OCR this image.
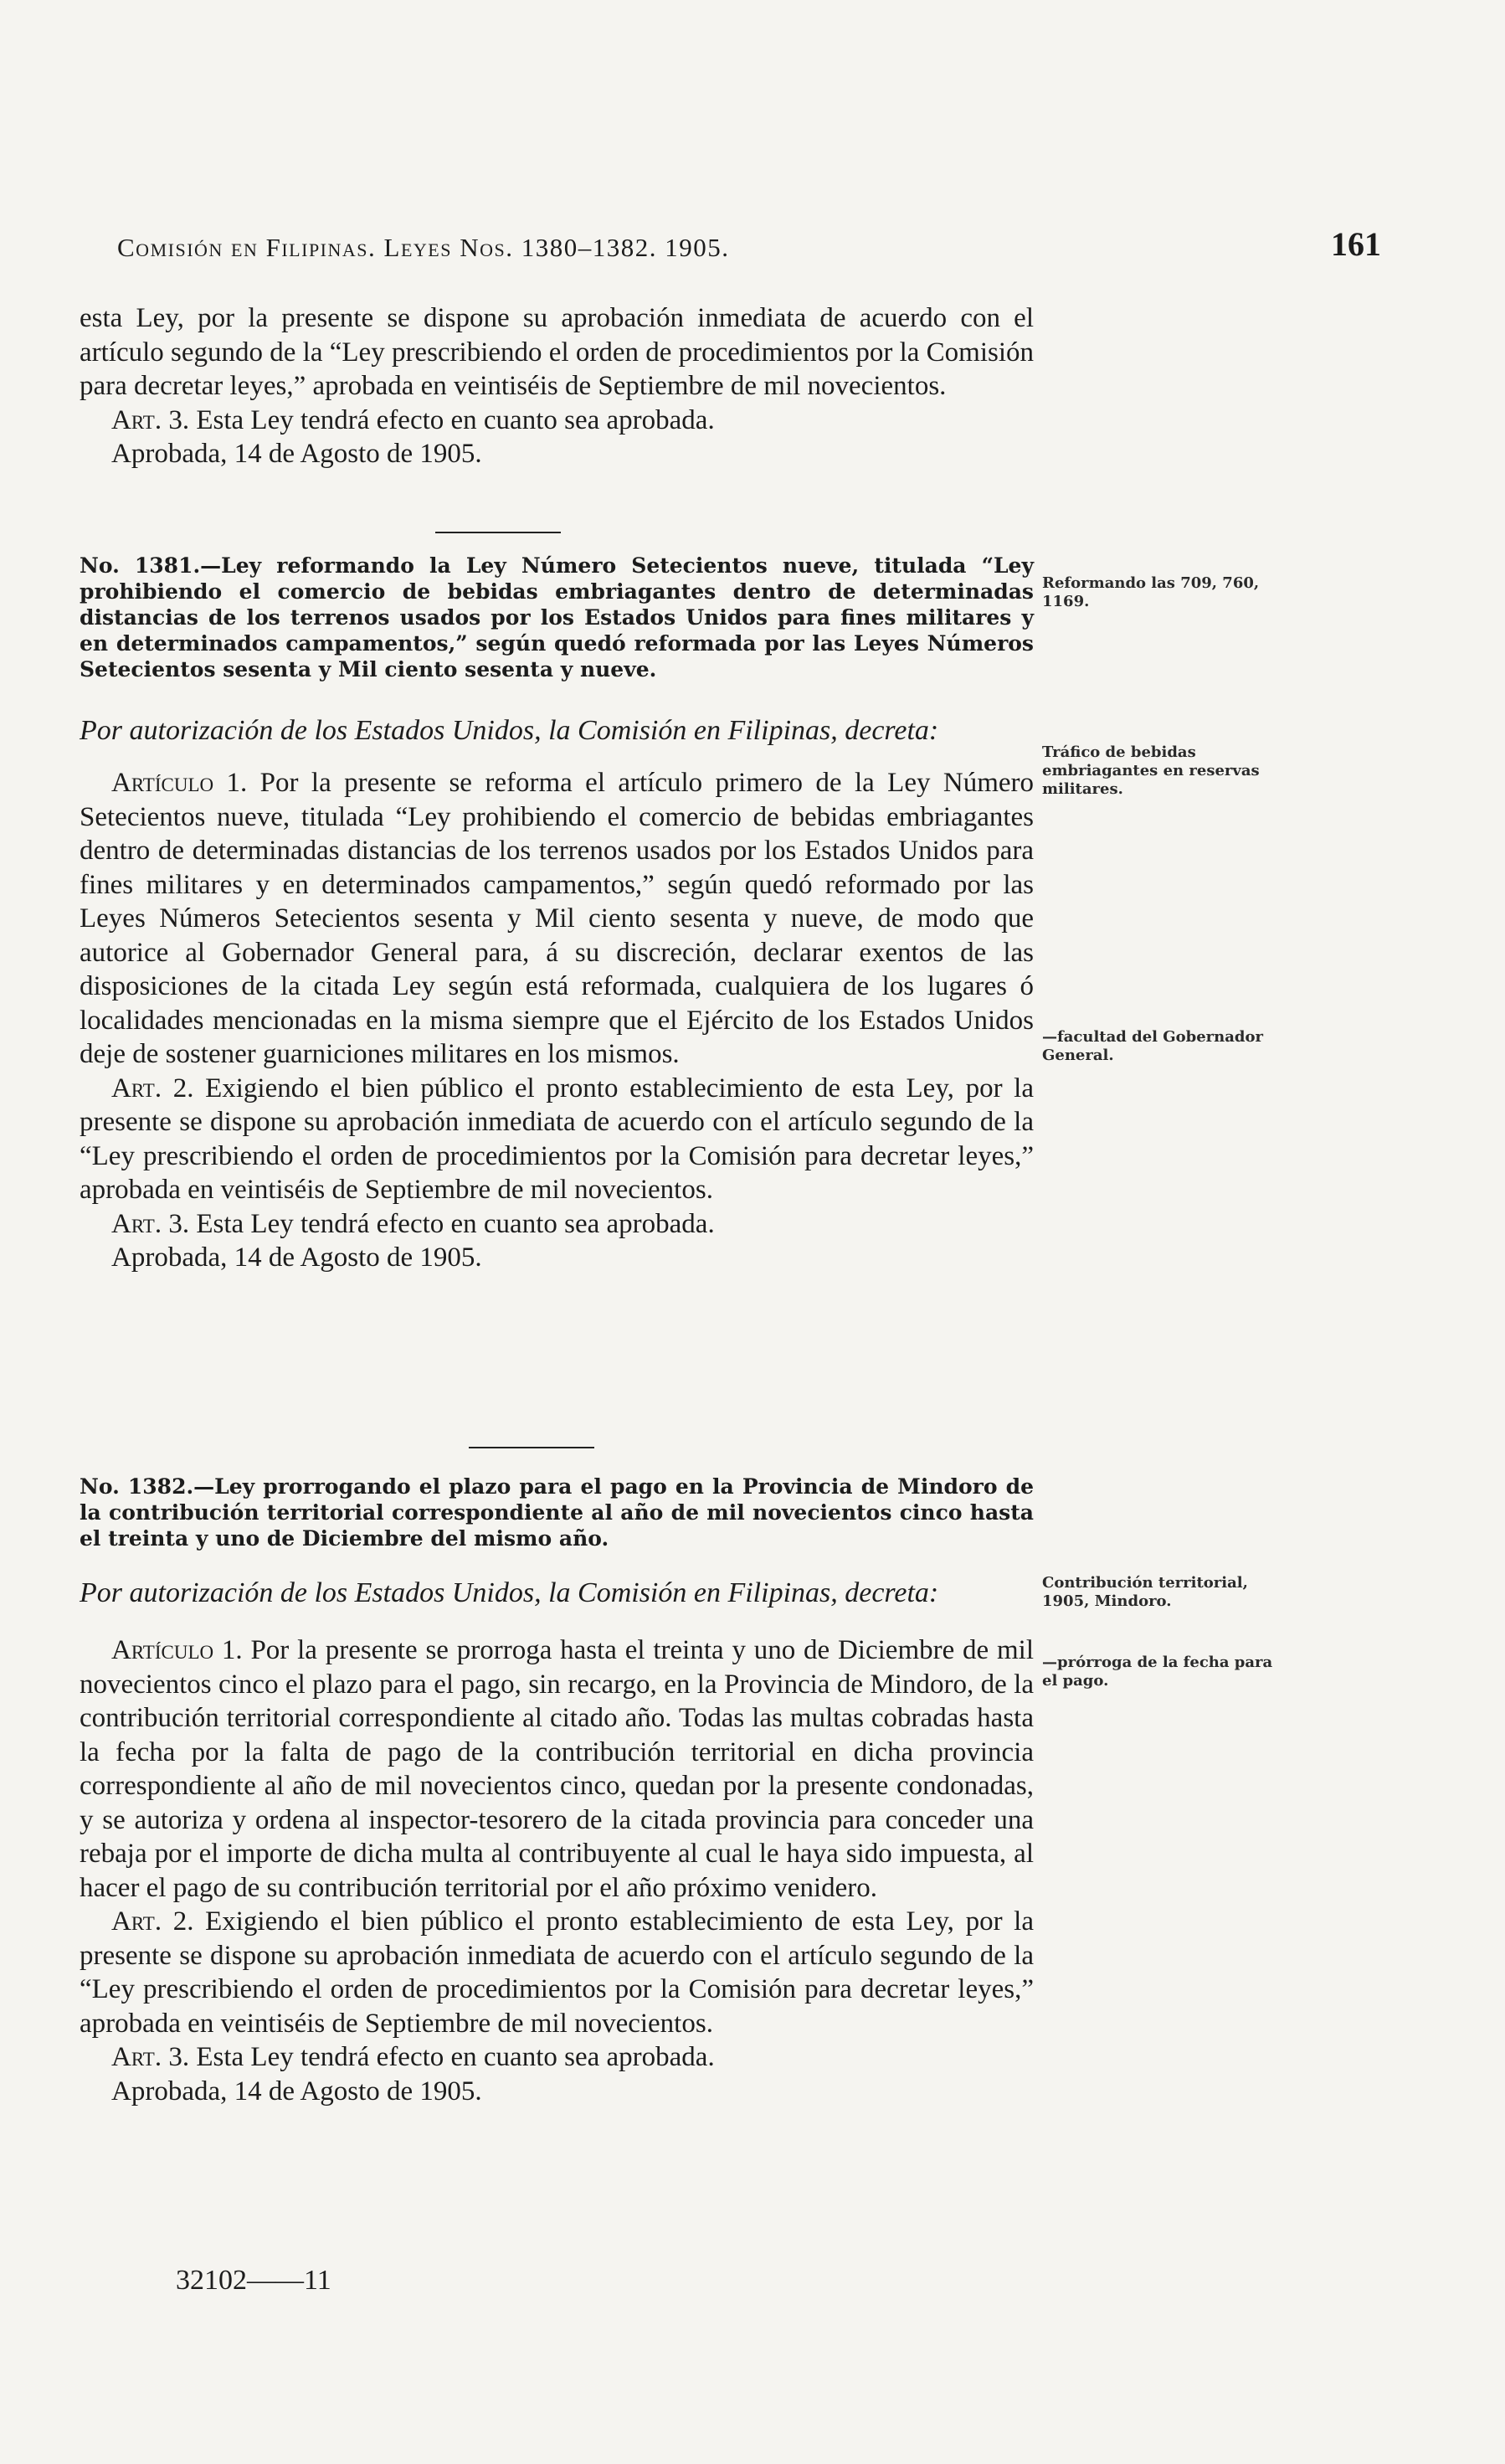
Comisión en Filipinas. Leyes Nos. 1380–1382. 1905.	161

esta Ley, por la presente se dispone su aprobación inmediata de acuerdo con el artículo segundo de la “Ley prescribiendo el orden de procedimientos por la Comisión para decretar leyes,” aprobada en veintiséis de Septiembre de mil novecientos.

Art. 3. Esta Ley tendrá efecto en cuanto sea aprobada.

Aprobada, 14 de Agosto de 1905.

No. 1381.—Ley reformando la Ley Número Setecientos nueve, titulada “Ley prohibiendo el comercio de bebidas embriagantes dentro de determinadas distancias de los terrenos usados por los Estados Unidos para fines militares y en determinados campamentos,” según quedó reformada por las Leyes Números Setecientos sesenta y Mil ciento sesenta y nueve.

Por autorización de los Estados Unidos, la Comisión en Filipinas, decreta:

Artículo 1. Por la presente se reforma el artículo primero de la Ley Número Setecientos nueve, titulada “Ley prohibiendo el comercio de bebidas embriagantes dentro de determinadas distancias de los terrenos usados por los Estados Unidos para fines militares y en determinados campamentos,” según quedó reformado por las Leyes Números Setecientos sesenta y Mil ciento sesenta y nueve, de modo que autorice al Gobernador General para, á su discreción, declarar exentos de las disposiciones de la citada Ley según está reformada, cualquiera de los lugares ó localidades mencionadas en la misma siempre que el Ejército de los Estados Unidos deje de sostener guarniciones militares en los mismos.

Art. 2. Exigiendo el bien público el pronto establecimiento de esta Ley, por la presente se dispone su aprobación inmediata de acuerdo con el artículo segundo de la “Ley prescribiendo el orden de procedimientos por la Comisión para decretar leyes,” aprobada en veintiséis de Septiembre de mil novecientos.

Art. 3. Esta Ley tendrá efecto en cuanto sea aprobada.

Aprobada, 14 de Agosto de 1905.

Reformando las 709, 760, 1169.
Tráfico de bebidas embriagantes en reservas militares.
—facultad del Gobernador General.

No. 1382.—Ley prorrogando el plazo para el pago en la Provincia de Mindoro de la contribución territorial correspondiente al año de mil novecientos cinco hasta el treinta y uno de Diciembre del mismo año.

Por autorización de los Estados Unidos, la Comisión en Filipinas, decreta:

Artículo 1. Por la presente se prorroga hasta el treinta y uno de Diciembre de mil novecientos cinco el plazo para el pago, sin recargo, en la Provincia de Mindoro, de la contribución territorial correspondiente al citado año. Todas las multas cobradas hasta la fecha por la falta de pago de la contribución territorial en dicha provincia correspondiente al año de mil novecientos cinco, quedan por la presente condonadas, y se autoriza y ordena al inspector-tesorero de la citada provincia para conceder una rebaja por el importe de dicha multa al contribuyente al cual le haya sido impuesta, al hacer el pago de su contribución territorial por el año próximo venidero.

Art. 2. Exigiendo el bien público el pronto establecimiento de esta Ley, por la presente se dispone su aprobación inmediata de acuerdo con el artículo segundo de la “Ley prescribiendo el orden de procedimientos por la Comisión para decretar leyes,” aprobada en veintiséis de Septiembre de mil novecientos.

Art. 3. Esta Ley tendrá efecto en cuanto sea aprobada.

Aprobada, 14 de Agosto de 1905.

Contribución territorial, 1905, Mindoro.
—prórroga de la fecha para el pago.
32102——11
